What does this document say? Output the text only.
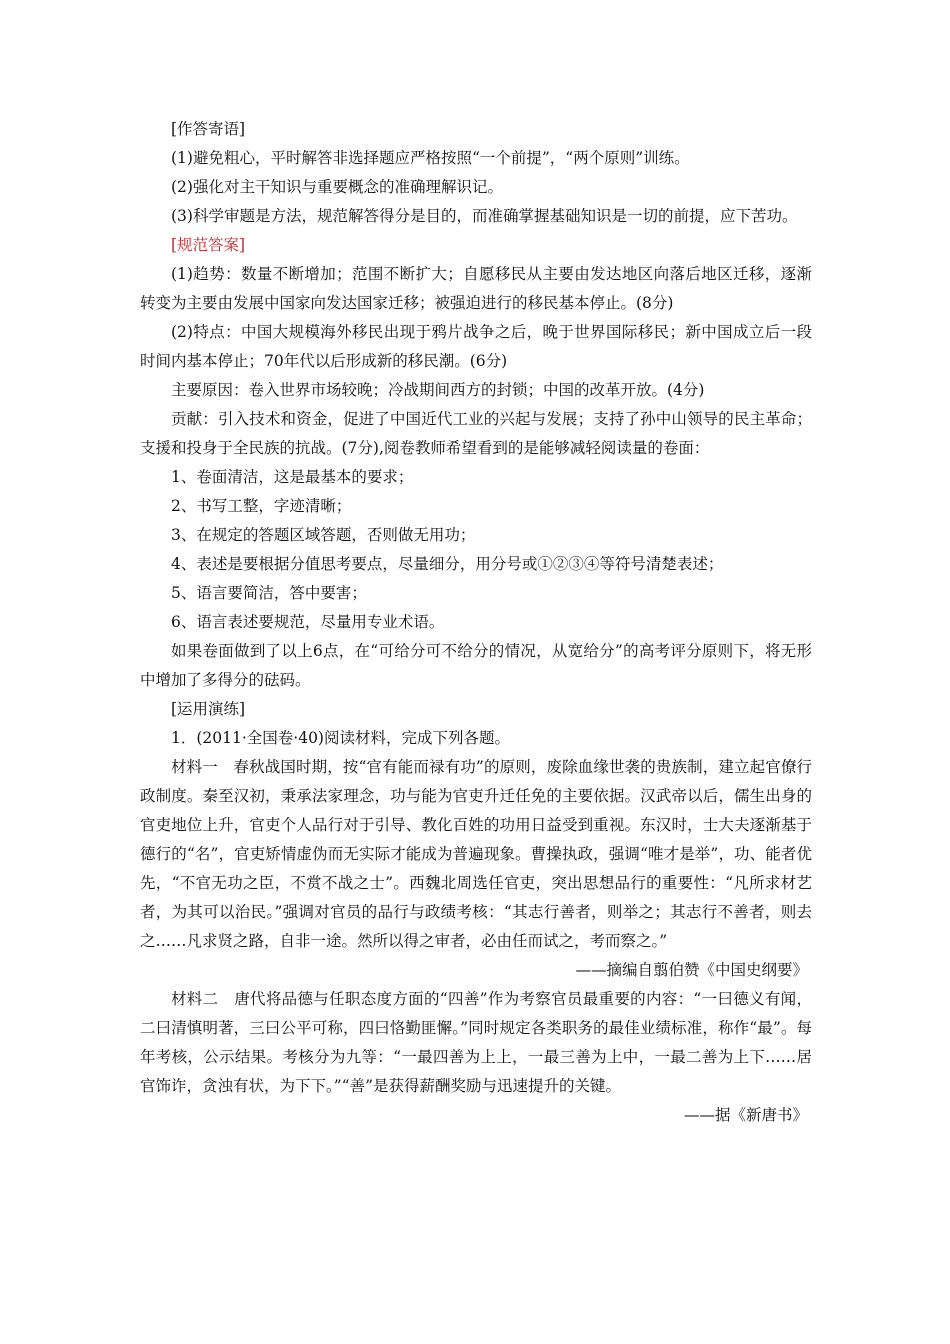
[作答寄语]

(1)避免粗心，平时解答非选择题应严格按照“一个前提”，“两个原则”训练。

(2)强化对主干知识与重要概念的准确理解识记。

(3)科学审题是方法，规范解答得分是目的，而准确掌握基础知识是一切的前提，应下苦功。

[规范答案]

(1)趋势：数量不断增加；范围不断扩大；自愿移民从主要由发达地区向落后地区迁移，逐渐转变为主要由发展中国家向发达国家迁移；被强迫进行的移民基本停止。(8分)

(2)特点：中国大规模海外移民出现于鸦片战争之后，晚于世界国际移民；新中国成立后一段时间内基本停止；70年代以后形成新的移民潮。(6分)

主要原因：卷入世界市场较晚；冷战期间西方的封锁；中国的改革开放。(4分)

贡献：引入技术和资金，促进了中国近代工业的兴起与发展；支持了孙中山领导的民主革命；支援和投身于全民族的抗战。(7分),阅卷教师希望看到的是能够减轻阅读量的卷面：

1、卷面清洁，这是最基本的要求；

2、书写工整，字迹清晰；

3、在规定的答题区域答题，否则做无用功；

4、表述是要根据分值思考要点，尽量细分，用分号或①②③④等符号清楚表述；

5、语言要简洁，答中要害；

6、语言表述要规范，尽量用专业术语。

如果卷面做到了以上6点，在“可给分可不给分的情况，从宽给分”的高考评分原则下，将无形中增加了多得分的砝码。

[运用演练]

1．(2011·全国卷·40)阅读材料，完成下列各题。

材料一　春秋战国时期，按“官有能而禄有功”的原则，废除血缘世袭的贵族制，建立起官僚行政制度。秦至汉初，秉承法家理念，功与能为官吏升迁任免的主要依据。汉武帝以后，儒生出身的官吏地位上升，官吏个人品行对于引导、教化百姓的功用日益受到重视。东汉时，士大夫逐渐基于德行的“名”，官吏矫情虚伪而无实际才能成为普遍现象。曹操执政，强调“唯才是举”，功、能者优先，“不官无功之臣，不赏不战之士”。西魏北周选任官吏，突出思想品行的重要性：“凡所求材艺者，为其可以治民。”强调对官员的品行与政绩考核：“其志行善者，则举之；其志行不善者，则去之……凡求贤之路，自非一途。然所以得之审者，必由任而试之，考而察之。”

——摘编自翦伯赞《中国史纲要》

材料二　唐代将品德与任职态度方面的“四善”作为考察官员最重要的内容：“一曰德义有闻，二曰清慎明著，三曰公平可称，四曰恪勤匪懈。”同时规定各类职务的最佳业绩标准，称作“最”。每年考核，公示结果。考核分为九等：“一最四善为上上，一最三善为上中，一最二善为上下……居官饰诈，贪浊有状，为下下。”“善”是获得薪酬奖励与迅速提升的关键。

——据《新唐书》
